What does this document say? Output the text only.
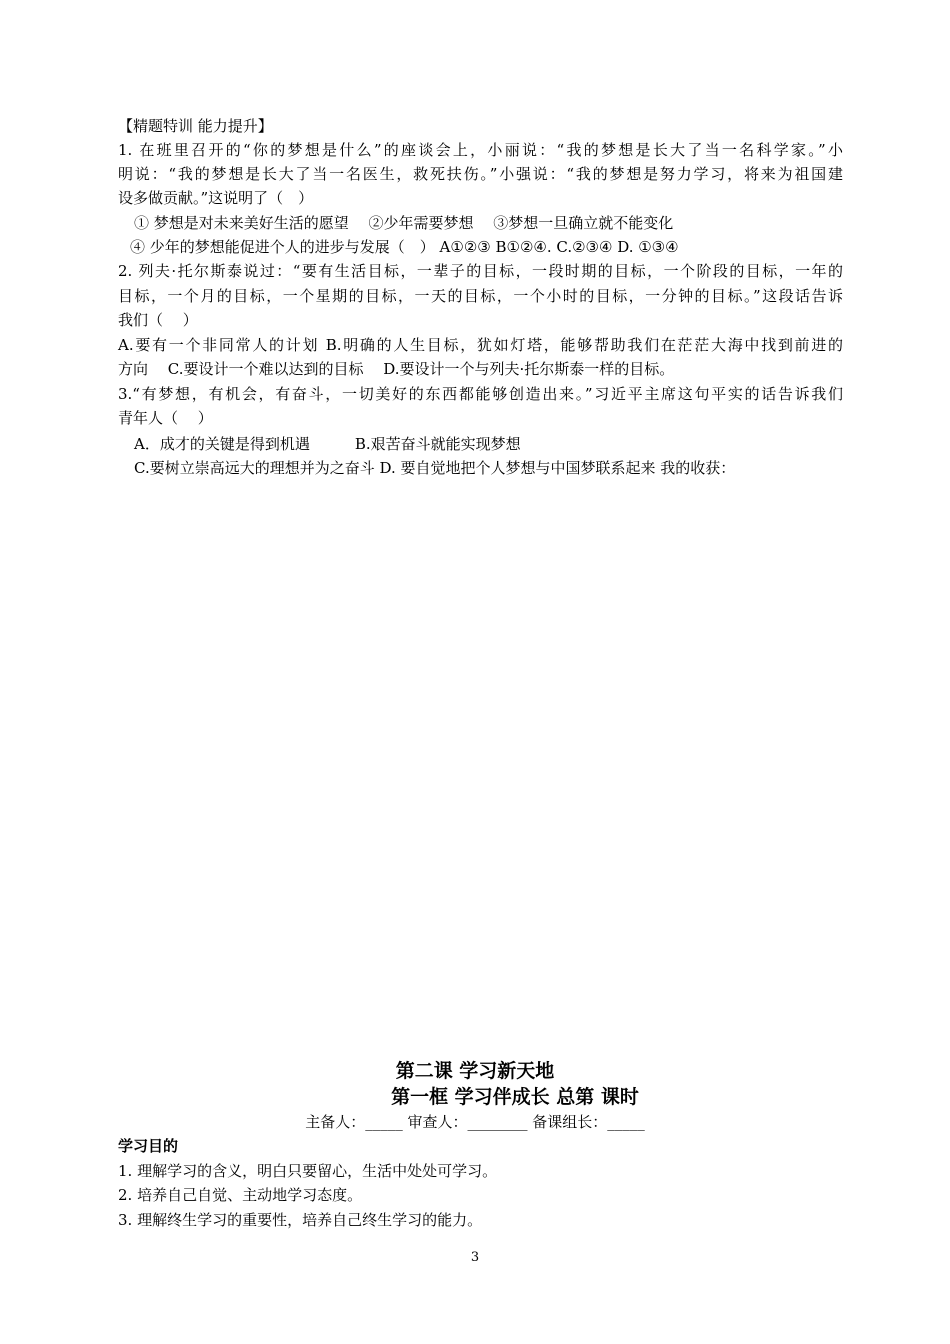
【精题特训 能力提升】
1. 在班里召开的“你的梦想是什么”的座谈会上，小丽说：“我的梦想是长大了当一名科学家。”小
明说：“我的梦想是长大了当一名医生，救死扶伤。”小强说：“我的梦想是努力学习，将来为祖国建
设多做贡献。”这说明了（　）
① 梦想是对未来美好生活的愿望　 ②少年需要梦想　 ③梦想一旦确立就不能变化
④ 少年的梦想能促进个人的进步与发展（　） A①②③ B①②④. C.②③④ D. ①③④
2. 列夫·托尔斯泰说过：“要有生活目标，一辈子的目标，一段时期的目标，一个阶段的目标，一年的
目标，一个月的目标，一个星期的目标，一天的目标，一个小时的目标，一分钟的目标。”这段话告诉
我们（　 ）
A.要有一个非同常人的计划 B.明确的人生目标，犹如灯塔，能够帮助我们在茫茫大海中找到前进的
方向　 C.要设计一个难以达到的目标　 D.要设计一个与列夫·托尔斯泰一样的目标。
3.“有梦想，有机会，有奋斗，一切美好的东西都能够创造出来。”习近平主席这句平实的话告诉我们
青年人（　 ）
A．成才的关键是得到机遇　　　B.艰苦奋斗就能实现梦想
C.要树立崇高远大的理想并为之奋斗 D. 要自觉地把个人梦想与中国梦联系起来 我的收获：
第二课 学习新天地
第一框 学习伴成长 总第 课时
主备人：_____ 审查人：________ 备课组长：_____
学习目的
1. 理解学习的含义，明白只要留心，生活中处处可学习。
2. 培养自己自觉、主动地学习态度。
3. 理解终生学习的重要性，培养自己终生学习的能力。
3
